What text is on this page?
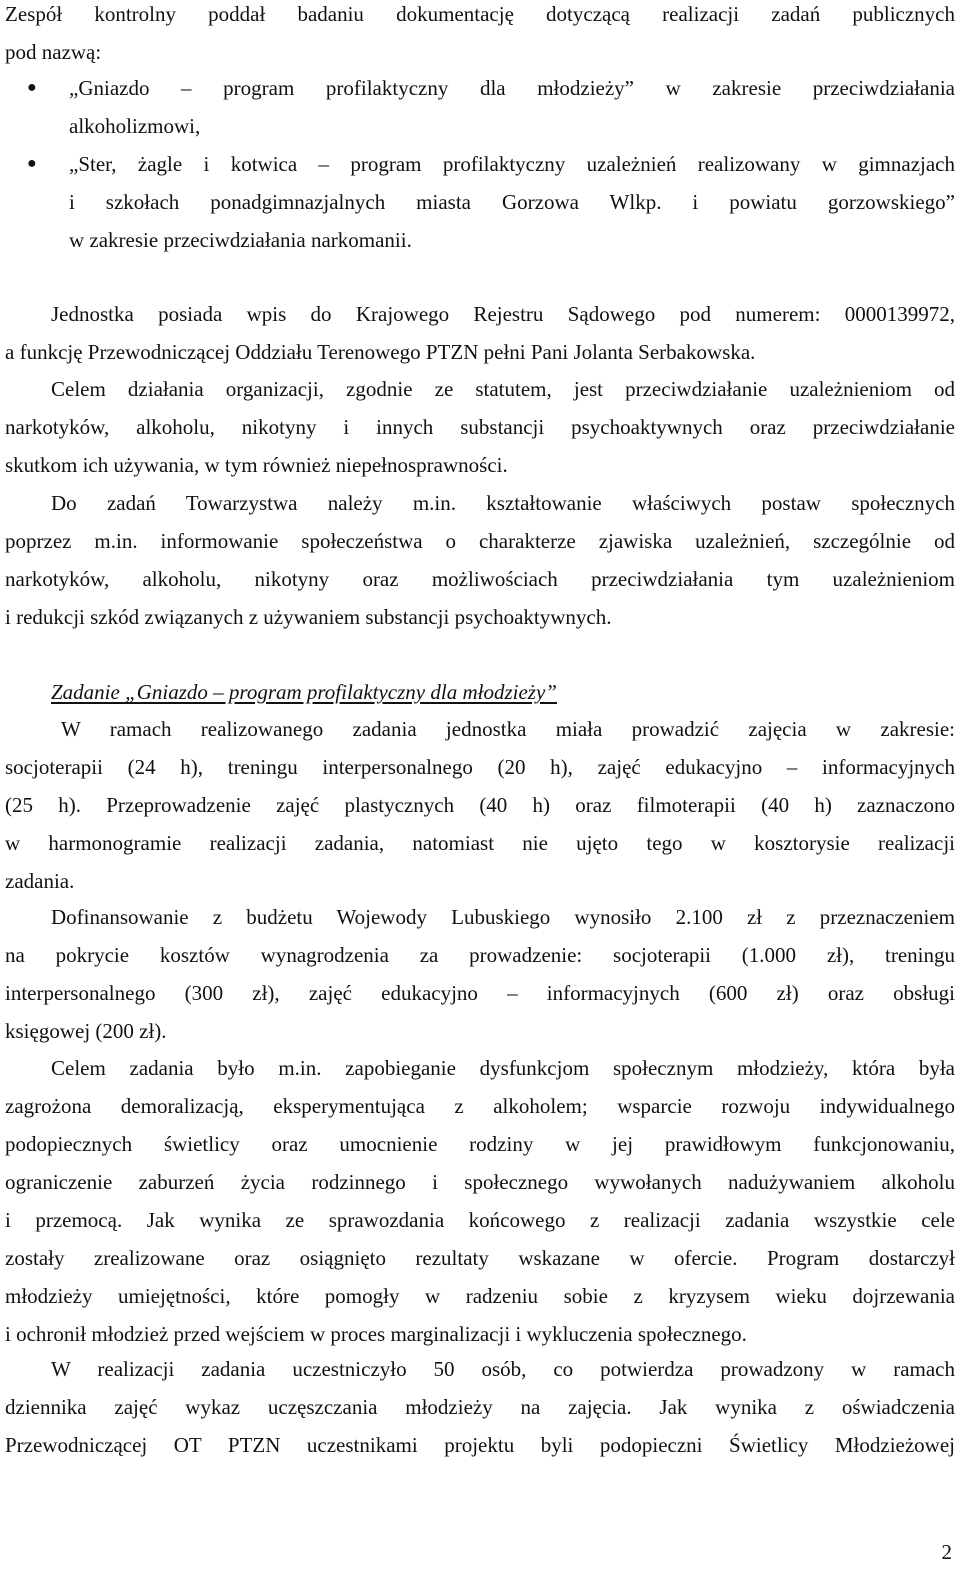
Zespół kontrolny poddał badaniu dokumentację dotyczącą realizacji zadań publicznych
pod nazwą:
● „Gniazdo – program profilaktyczny dla młodzieży” w zakresie przeciwdziałania
alkoholizmowi,
● „Ster, żagle i kotwica – program profilaktyczny uzależnień realizowany w gimnazjach
i szkołach ponadgimnazjalnych miasta Gorzowa Wlkp. i powiatu gorzowskiego”
w zakresie przeciwdziałania narkomanii.
Jednostka posiada wpis do Krajowego Rejestru Sądowego pod numerem: 0000139972,
a funkcję Przewodniczącej Oddziału Terenowego PTZN pełni Pani Jolanta Serbakowska.
Celem działania organizacji, zgodnie ze statutem, jest przeciwdziałanie uzależnieniom od
narkotyków, alkoholu, nikotyny i innych substancji psychoaktywnych oraz przeciwdziałanie
skutkom ich używania, w tym również niepełnosprawności.
Do zadań Towarzystwa należy m.in. kształtowanie właściwych postaw społecznych
poprzez m.in. informowanie społeczeństwa o charakterze zjawiska uzależnień, szczególnie od
narkotyków, alkoholu, nikotyny oraz możliwościach przeciwdziałania tym uzależnieniom
i redukcji szkód związanych z używaniem substancji psychoaktywnych.
Zadanie „Gniazdo – program profilaktyczny dla młodzieży”
W ramach realizowanego zadania jednostka miała prowadzić zajęcia w zakresie:
socjoterapii (24 h), treningu interpersonalnego (20 h), zajęć edukacyjno – informacyjnych
(25 h). Przeprowadzenie zajęć plastycznych (40 h) oraz filmoterapii (40 h) zaznaczono
w harmonogramie realizacji zadania, natomiast nie ujęto tego w kosztorysie realizacji
zadania.
Dofinansowanie z budżetu Wojewody Lubuskiego wynosiło 2.100 zł z przeznaczeniem
na pokrycie kosztów wynagrodzenia za prowadzenie: socjoterapii (1.000 zł), treningu
interpersonalnego (300 zł), zajęć edukacyjno – informacyjnych (600 zł) oraz obsługi
księgowej (200 zł).
Celem zadania było m.in. zapobieganie dysfunkcjom społecznym młodzieży, która była
zagrożona demoralizacją, eksperymentująca z alkoholem; wsparcie rozwoju indywidualnego
podopiecznych świetlicy oraz umocnienie rodziny w jej prawidłowym funkcjonowaniu,
ograniczenie zaburzeń życia rodzinnego i społecznego wywołanych nadużywaniem alkoholu
i przemocą. Jak wynika ze sprawozdania końcowego z realizacji zadania wszystkie cele
zostały zrealizowane oraz osiągnięto rezultaty wskazane w ofercie. Program dostarczył
młodzieży umiejętności, które pomogły w radzeniu sobie z kryzysem wieku dojrzewania
i ochronił młodzież przed wejściem w proces marginalizacji i wykluczenia społecznego.
W realizacji zadania uczestniczyło 50 osób, co potwierdza prowadzony w ramach
dziennika zajęć wykaz uczęszczania młodzieży na zajęcia. Jak wynika z oświadczenia
Przewodniczącej OT PTZN uczestnikami projektu byli podopieczni Świetlicy Młodzieżowej
2
